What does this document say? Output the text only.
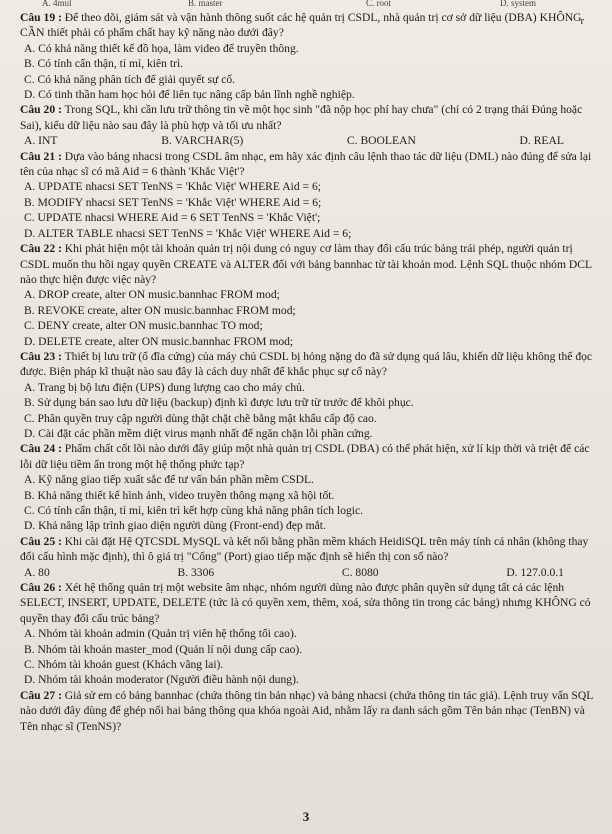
A. 4mul	B. master	C. root	D. system
r

Câu 19 : Để theo dõi, giám sát và vận hành thông suốt các hệ quản trị CSDL, nhà quản trị cơ sở dữ liệu (DBA) KHÔNG CẦN thiết phải có phẩm chất hay kỹ năng nào dưới đây?

A. Có khả năng thiết kế đồ họa, làm video để truyền thông.

B. Có tính cẩn thận, tỉ mỉ, kiên trì.

C. Có khả năng phân tích để giải quyết sự cố.

D. Có tinh thần ham học hỏi để liên tục nâng cấp bản lĩnh nghề nghiệp.

Câu 20 : Trong SQL, khi cần lưu trữ thông tin về một học sinh "đã nộp học phí hay chưa" (chỉ có 2 trạng thái Đúng hoặc Sai), kiểu dữ liệu nào sau đây là phù hợp và tối ưu nhất?

A. INT	B. VARCHAR(5)	C. BOOLEAN	D. REAL

Câu 21 : Dựa vào bảng nhacsi trong CSDL âm nhạc, em hãy xác định câu lệnh thao tác dữ liệu (DML) nào đúng để sửa lại tên của nhạc sĩ có mã Aid = 6 thành 'Khắc Việt'?

A. UPDATE nhacsi SET TenNS = 'Khắc Việt' WHERE Aid = 6;

B. MODIFY nhacsi SET TenNS = 'Khắc Việt' WHERE Aid = 6;

C. UPDATE nhacsi WHERE Aid = 6 SET TenNS = 'Khắc Việt';

D. ALTER TABLE nhacsi SET TenNS = 'Khắc Việt' WHERE Aid = 6;

Câu 22 : Khi phát hiện một tài khoản quản trị nội dung có nguy cơ làm thay đổi cấu trúc bảng trái phép, người quản trị CSDL muốn thu hồi ngay quyền CREATE và ALTER đối với bảng bannhac từ tài khoản mod. Lệnh SQL thuộc nhóm DCL nào thực hiện được việc này?

A. DROP create, alter ON music.bannhac FROM mod;

B. REVOKE create, alter ON music.bannhac FROM mod;

C. DENY create, alter ON music.bannhac TO mod;

D. DELETE create, alter ON music.bannhac FROM mod;

Câu 23 : Thiết bị lưu trữ (ổ đĩa cứng) của máy chủ CSDL bị hỏng nặng do đã sử dụng quá lâu, khiến dữ liệu không thể đọc được. Biện pháp kĩ thuật nào sau đây là cách duy nhất để khắc phục sự cố này?

A. Trang bị bộ lưu điện (UPS) dung lượng cao cho máy chủ.

B. Sử dụng bản sao lưu dữ liệu (backup) định kì được lưu trữ từ trước để khôi phục.

C. Phân quyền truy cập người dùng thật chặt chẽ bằng mật khẩu cấp độ cao.

D. Cài đặt các phần mềm diệt virus mạnh nhất để ngăn chặn lỗi phần cứng.

Câu 24 : Phẩm chất cốt lõi nào dưới đây giúp một nhà quản trị CSDL (DBA) có thể phát hiện, xử lí kịp thời và triệt để các lỗi dữ liệu tiềm ẩn trong một hệ thống phức tạp?

A. Kỹ năng giao tiếp xuất sắc để tư vấn bán phần mềm CSDL.

B. Khả năng thiết kế hình ảnh, video truyền thông mạng xã hội tốt.

C. Có tính cẩn thận, tỉ mỉ, kiên trì kết hợp cùng khả năng phân tích logic.

D. Khả năng lập trình giao diện người dùng (Front-end) đẹp mắt.

Câu 25 : Khi cài đặt Hệ QTCSDL MySQL và kết nối bằng phần mềm khách HeidiSQL trên máy tính cá nhân (không thay đổi cấu hình mặc định), thì ô giá trị "Cổng" (Port) giao tiếp mặc định sẽ hiển thị con số nào?

A. 80	B. 3306	C. 8080	D. 127.0.0.1

Câu 26 : Xét hệ thống quản trị một website âm nhạc, nhóm người dùng nào được phân quyền sử dụng tất cả các lệnh SELECT, INSERT, UPDATE, DELETE (tức là có quyền xem, thêm, xoá, sửa thông tin trong các bảng) nhưng KHÔNG có quyền thay đổi cấu trúc bảng?

A. Nhóm tài khoản admin (Quản trị viên hệ thống tối cao).

B. Nhóm tài khoản master_mod (Quản lí nội dung cấp cao).

C. Nhóm tài khoản guest (Khách vãng lai).

D. Nhóm tài khoản moderator (Người điều hành nội dung).

Câu 27 : Giả sử em có bảng bannhac (chứa thông tin bản nhạc) và bảng nhacsi (chứa thông tin tác giả). Lệnh truy vấn SQL nào dưới đây dùng để ghép nối hai bảng thông qua khóa ngoài Aid, nhằm lấy ra danh sách gồm Tên bản nhạc (TenBN) và Tên nhạc sĩ (TenNS)?

3
